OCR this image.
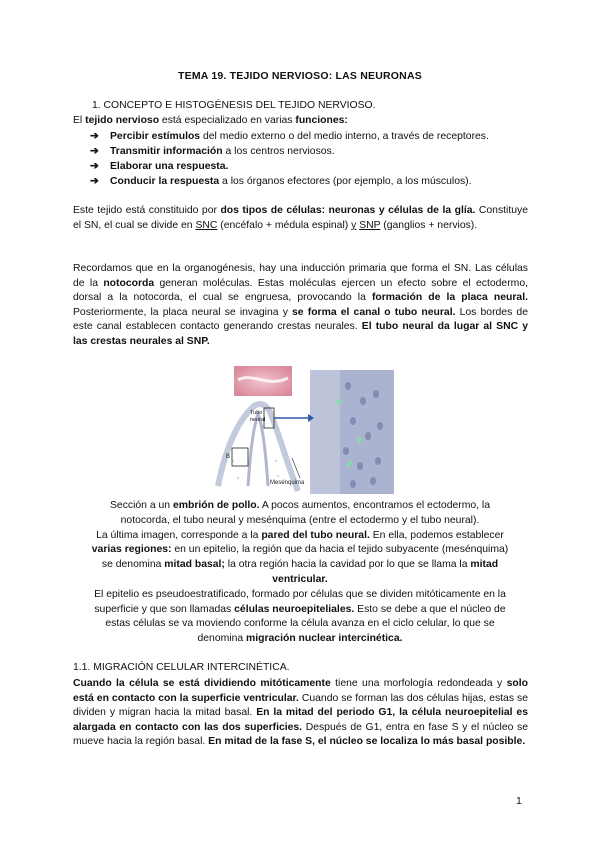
TEMA 19. TEJIDO NERVIOSO: LAS NEURONAS
1. CONCEPTO E HISTOGÉNESIS DEL TEJIDO NERVIOSO.
El tejido nervioso está especializado en varias funciones:
➔ Percibir estímulos del medio externo o del medio interno, a través de receptores.
➔ Transmitir información a los centros nerviosos.
➔ Elaborar una respuesta.
➔ Conducir la respuesta a los órganos efectores (por ejemplo, a los músculos).
Este tejido está constituido por dos tipos de células: neuronas y células de la glía. Constituye el SN, el cual se divide en SNC (encéfalo + médula espinal) y SNP (ganglios + nervios).
Recordamos que en la organogénesis, hay una inducción primaria que forma el SN. Las células de la notocorda generan moléculas. Estas moléculas ejercen un efecto sobre el ectodermo, dorsal a la notocorda, el cual se engruesa, provocando la formación de la placa neural. Posteriormente, la placa neural se invagina y se forma el canal o tubo neural. Los bordes de este canal establecen contacto generando crestas neurales. El tubo neural da lugar al SNC y las crestas neurales al SNP.
Tubo
neural
B
Mesénquima
Sección a un embrión de pollo. A pocos aumentos, encontramos el ectodermo, la
notocorda, el tubo neural y mesénquima (entre el ectodermo y el tubo neural).
La última imagen, corresponde a la pared del tubo neural. En ella, podemos establecer
varias regiones: en un epitelio, la región que da hacia el tejido subyacente (mesénquima)
se denomina mitad basal; la otra región hacia la cavidad por lo que se llama la mitad
ventricular.
El epitelio es pseudoestratificado, formado por células que se dividen mitóticamente en la
superficie y que son llamadas células neuroepiteliales. Esto se debe a que el núcleo de
estas células se va moviendo conforme la célula avanza en el ciclo celular, lo que se
denomina migración nuclear intercinética.
1.1. MIGRACIÓN CELULAR INTERCINÉTICA.
Cuando la célula se está dividiendo mitóticamente tiene una morfología redondeada y solo está en contacto con la superficie ventricular. Cuando se forman las dos células hijas, estas se dividen y migran hacia la mitad basal. En la mitad del periodo G1, la célula neuroepitelial es alargada en contacto con las dos superficies. Después de G1, entra en fase S y el núcleo se mueve hacia la región basal. En mitad de la fase S, el núcleo se localiza lo más basal posible.
1
